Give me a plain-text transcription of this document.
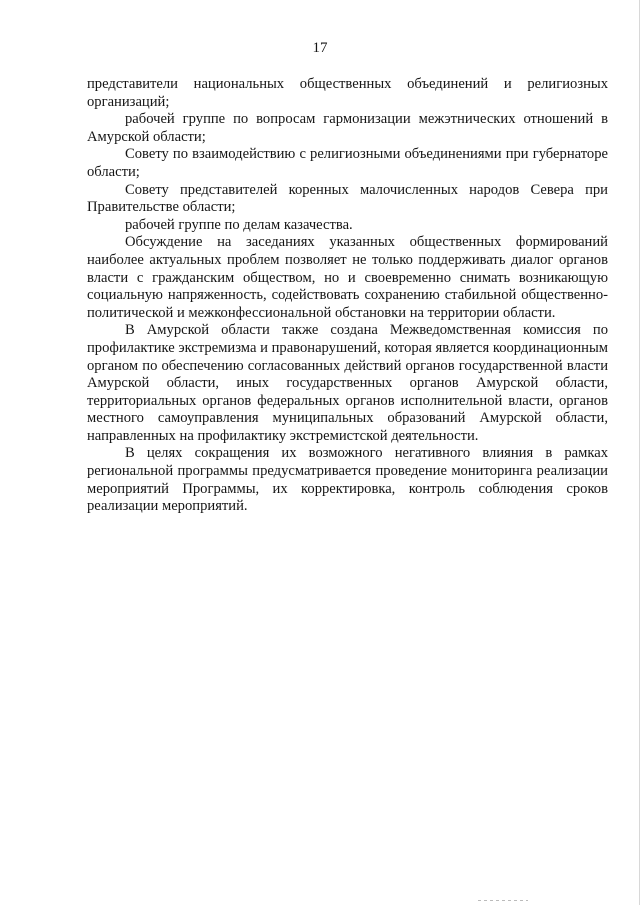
17

представители национальных общественных объединений и религиозных организаций;

рабочей группе по вопросам гармонизации межэтнических отношений в Амурской области;

Совету по взаимодействию с религиозными объединениями при губернаторе области;

Совету представителей коренных малочисленных народов Севера при Правительстве области;

рабочей группе по делам казачества.

Обсуждение на заседаниях указанных общественных формирований наиболее актуальных проблем позволяет не только поддерживать диалог органов власти с гражданским обществом, но и своевременно снимать возникающую социальную напряженность, содействовать сохранению стабильной общественно-политической и межконфессиональной обстановки на территории области.

В Амурской области также создана Межведомственная комиссия по профилактике экстремизма и правонарушений, которая является координационным органом по обеспечению согласованных действий органов государственной власти Амурской области, иных государственных органов Амурской области, территориальных органов федеральных органов исполнительной власти, органов местного самоуправления муниципальных образований Амурской области, направленных на профилактику экстремистской деятельности.

В целях сокращения их возможного негативного влияния в рамках региональной программы предусматривается проведение мониторинга реализации мероприятий Программы, их корректировка, контроль соблюдения сроков реализации мероприятий.
